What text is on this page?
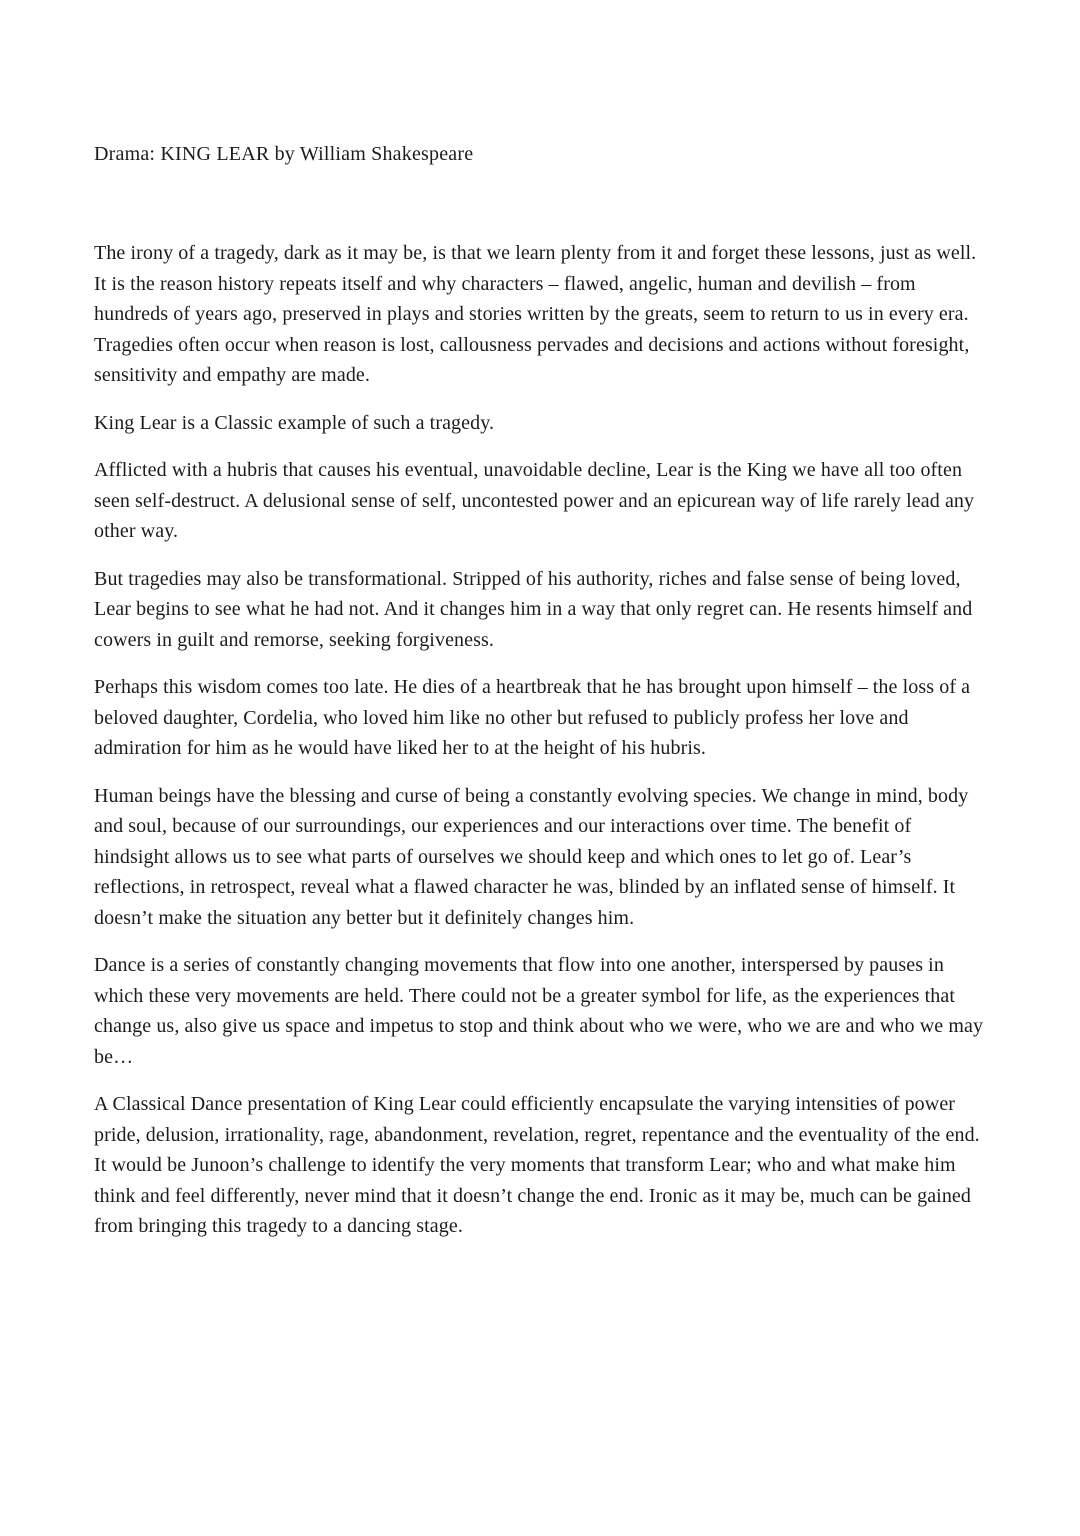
Drama: KING LEAR by William Shakespeare

The irony of a tragedy, dark as it may be, is that we learn plenty from it and forget these lessons, just as well. It is the reason history repeats itself and why characters – flawed, angelic, human and devilish – from hundreds of years ago, preserved in plays and stories written by the greats, seem to return to us in every era. Tragedies often occur when reason is lost, callousness pervades and decisions and actions without foresight, sensitivity and empathy are made.

King Lear is a Classic example of such a tragedy.

Afflicted with a hubris that causes his eventual, unavoidable decline, Lear is the King we have all too often seen self-destruct. A delusional sense of self, uncontested power and an epicurean way of life rarely lead any other way.

But tragedies may also be transformational. Stripped of his authority, riches and false sense of being loved, Lear begins to see what he had not. And it changes him in a way that only regret can. He resents himself and cowers in guilt and remorse, seeking forgiveness.

Perhaps this wisdom comes too late. He dies of a heartbreak that he has brought upon himself – the loss of a beloved daughter, Cordelia, who loved him like no other but refused to publicly profess her love and admiration for him as he would have liked her to at the height of his hubris.

Human beings have the blessing and curse of being a constantly evolving species. We change in mind, body and soul, because of our surroundings, our experiences and our interactions over time. The benefit of hindsight allows us to see what parts of ourselves we should keep and which ones to let go of. Lear’s reflections, in retrospect, reveal what a flawed character he was, blinded by an inflated sense of himself. It doesn’t make the situation any better but it definitely changes him.

Dance is a series of constantly changing movements that flow into one another, interspersed by pauses in which these very movements are held. There could not be a greater symbol for life, as the experiences that change us, also give us space and impetus to stop and think about who we were, who we are and who we may be…

A Classical Dance presentation of King Lear could efficiently encapsulate the varying intensities of power pride, delusion, irrationality, rage, abandonment, revelation, regret, repentance and the eventuality of the end. It would be Junoon’s challenge to identify the very moments that transform Lear; who and what make him think and feel differently, never mind that it doesn’t change the end. Ironic as it may be, much can be gained from bringing this tragedy to a dancing stage.
